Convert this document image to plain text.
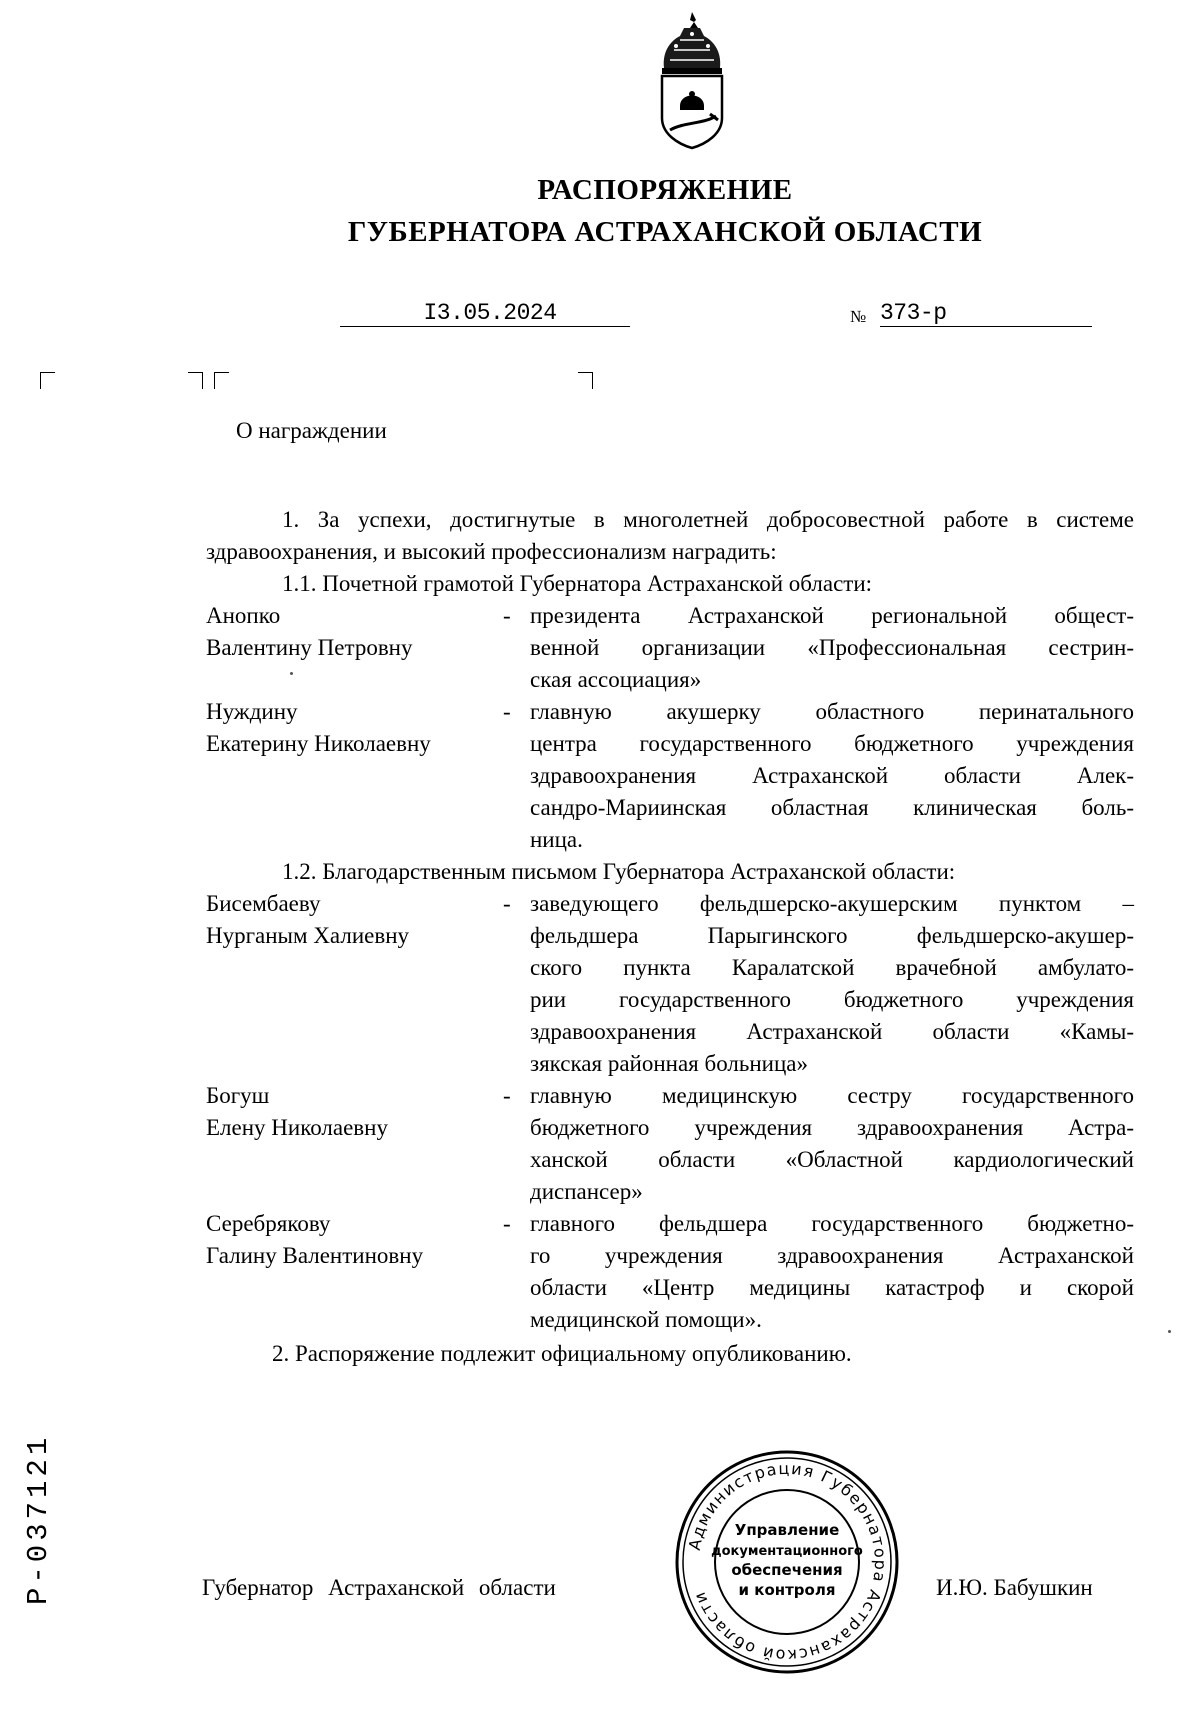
РАСПОРЯЖЕНИЕ
ГУБЕРНАТОРА АСТРАХАНСКОЙ ОБЛАСТИ
I3.05.2024	№ 373-р
О награждении
1. За успехи, достигнутые в многолетней добросовестной работе в системе здравоохранения, и высокий профессионализм наградить:
1.1. Почетной грамотой Губернатора Астраханской области:
Анопко
Валентину Петровну
- президента Астраханской региональной общест-
венной организации «Профессиональная сестрин-
ская ассоциация»
Нуждину
Екатерину Николаевну
- главную акушерку областного перинатального
центра государственного бюджетного учреждения
здравоохранения Астраханской области Алек-
сандро-Мариинская областная клиническая боль-
ница.
1.2. Благодарственным письмом Губернатора Астраханской области:
Бисембаеву
Нурганым Халиевну
- заведующего фельдшерско-акушерским пунктом –
фельдшера Парыгинского фельдшерско-акушер-
ского пункта Каралатской врачебной амбулато-
рии государственного бюджетного учреждения
здравоохранения Астраханской области «Камы-
зякская районная больница»
Богуш
Елену Николаевну
- главную медицинскую сестру государственного
бюджетного учреждения здравоохранения Астра-
ханской области «Областной кардиологический
диспансер»
Серебрякову
Галину Валентиновну
- главного фельдшера государственного бюджетно-
го учреждения здравоохранения Астраханской
области «Центр медицины катастроф и скорой
медицинской помощи».
2. Распоряжение подлежит официальному опубликованию.
Администрация Губернатора Астраханской области
Управление
документационного
обеспечения
и контроля
Губернатор Астраханской области	И.Ю. Бабушкин
Р-037121
